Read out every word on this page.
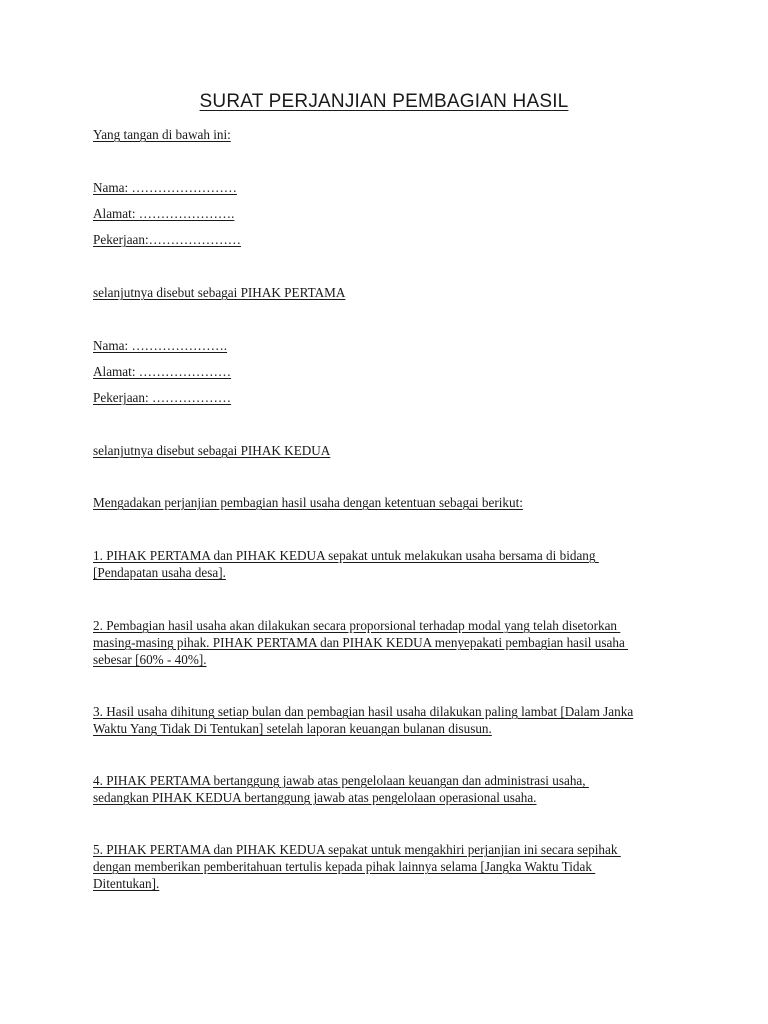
SURAT PERJANJIAN PEMBAGIAN HASIL
Yang tangan di bawah ini:
Nama: ……………………
Alamat: ………………….
Pekerjaan:…………………
selanjutnya disebut sebagai PIHAK PERTAMA
Nama: ………………….
Alamat: …………………
Pekerjaan: ………………
selanjutnya disebut sebagai PIHAK KEDUA
Mengadakan perjanjian pembagian hasil usaha dengan ketentuan sebagai berikut:
1. PIHAK PERTAMA dan PIHAK KEDUA sepakat untuk melakukan usaha bersama di bidang
[Pendapatan usaha desa].
2. Pembagian hasil usaha akan dilakukan secara proporsional terhadap modal yang telah disetorkan
masing-masing pihak. PIHAK PERTAMA dan PIHAK KEDUA menyepakati pembagian hasil usaha
sebesar [60% - 40%].
3. Hasil usaha dihitung setiap bulan dan pembagian hasil usaha dilakukan paling lambat [Dalam Janka
Waktu Yang Tidak Di Tentukan] setelah laporan keuangan bulanan disusun.
4. PIHAK PERTAMA bertanggung jawab atas pengelolaan keuangan dan administrasi usaha,
sedangkan PIHAK KEDUA bertanggung jawab atas pengelolaan operasional usaha.
5. PIHAK PERTAMA dan PIHAK KEDUA sepakat untuk mengakhiri perjanjian ini secara sepihak
dengan memberikan pemberitahuan tertulis kepada pihak lainnya selama [Jangka Waktu Tidak
Ditentukan].
